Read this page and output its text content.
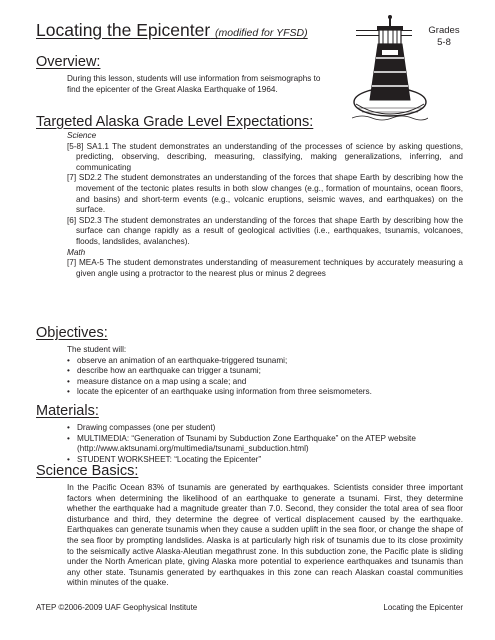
Locating the Epicenter (modified for YFSD)	Grades
5-8
Overview:

During this lesson, students will use information from seismographs to find the epicenter of the Great Alaska Earthquake of 1964.

Targeted Alaska Grade Level Expectations:

Science

[5-8] SA1.1 The student demonstrates an understanding of the processes of science by asking questions, predicting, observing, describing, measuring, classifying, making generalizations, inferring, and communicating

[7] SD2.2 The student demonstrates an understanding of the forces that shape Earth by describing how the movement of the tectonic plates results in both slow changes (e.g., formation of mountains, ocean floors, and basins) and short-term events (e.g., volcanic eruptions, seismic waves, and earthquakes) on the surface.

[6] SD2.3 The student demonstrates an understanding of the forces that shape Earth by describing how the surface can change rapidly as a result of geological activities (i.e., earthquakes, tsunamis, volcanoes, floods, landslides, avalanches).

Math

[7] MEA-5 The student demonstrates understanding of measurement techniques by accurately measuring a given angle using a protractor to the nearest plus or minus 2 degrees

Objectives:

The student will:

• observe an animation of an earthquake-triggered tsunami;
• describe how an earthquake can trigger a tsunami;
• measure distance on a map using a scale; and
• locate the epicenter of an earthquake using information from three seismometers.
Materials:
• Drawing compasses (one per student)
• MULTIMEDIA: “Generation of Tsunami by Subduction Zone Earthquake” on the ATEP website (http://www.aktsunami.org/multimedia/tsunami_subduction.html)
• STUDENT WORKSHEET: “Locating the Epicenter”
Science Basics:

In the Pacific Ocean 83% of tsunamis are generated by earthquakes. Scientists consider three important factors when determining the likelihood of an earthquake to generate a tsunami. First, they determine whether the earthquake had a magnitude greater than 7.0. Second, they consider the total area of sea floor disturbance and third, they determine the degree of vertical displacement caused by the earthquake. Earthquakes can generate tsunamis when they cause a sudden uplift in the sea floor, or change the shape of the sea floor by prompting landslides. Alaska is at particularly high risk of tsunamis due to its close proximity to the seismically active Alaska-Aleutian megathrust zone. In this subduction zone, the Pacific plate is sliding under the North American plate, giving Alaska more potential to experience earthquakes and tsunamis than any other state. Tsunamis generated by earthquakes in this zone can reach Alaskan coastal communities within minutes of the quake.

ATEP ©2006-2009 UAF Geophysical Institute	Locating the Epicenter
